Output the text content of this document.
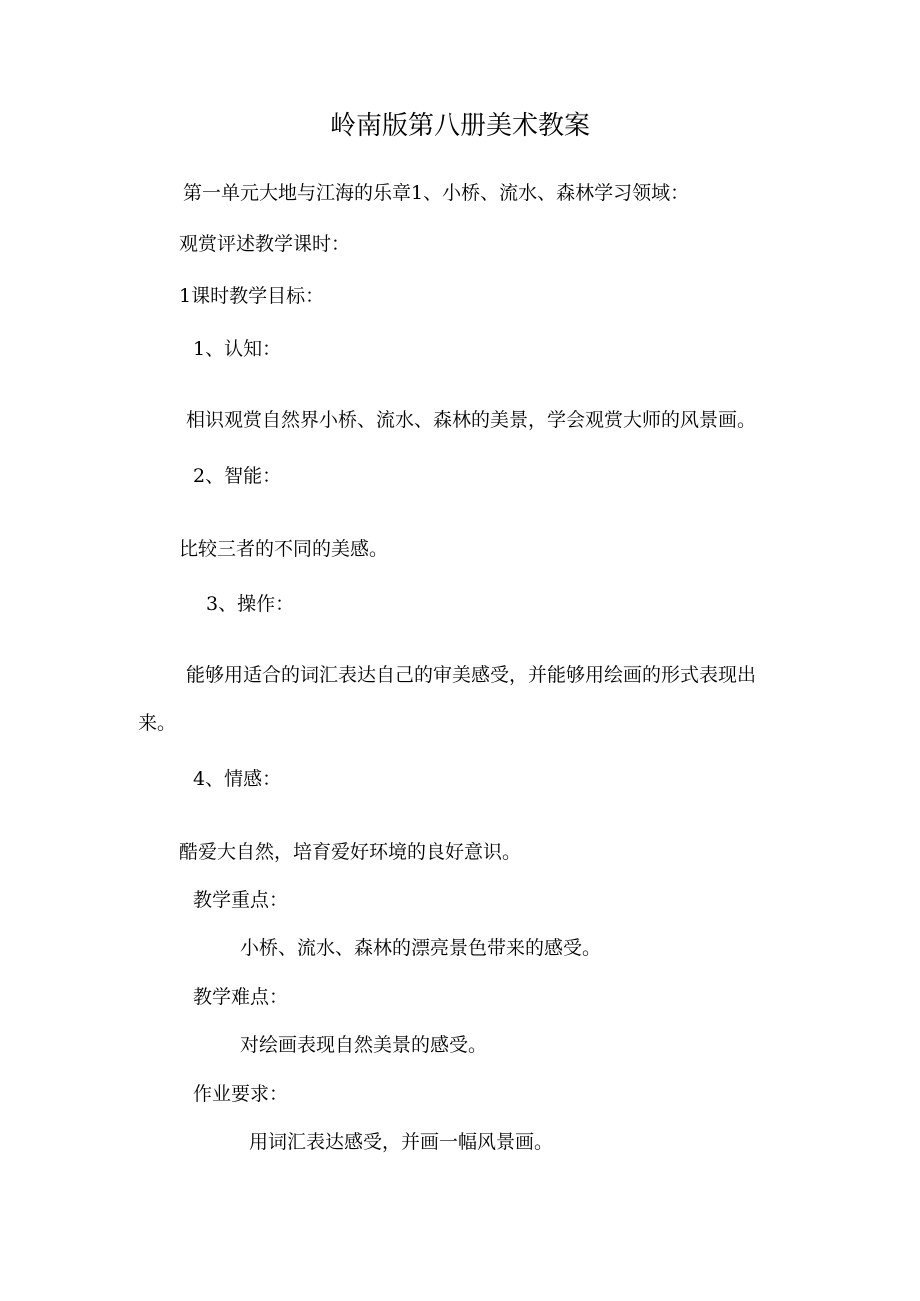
岭南版第八册美术教案
第一单元大地与江海的乐章1、小桥、流水、森林学习领域：
观赏评述教学课时：
1课时教学目标：
1、认知：
相识观赏自然界小桥、流水、森林的美景，学会观赏大师的风景画。
2、智能：
比较三者的不同的美感。
3、操作：
能够用适合的词汇表达自己的审美感受，并能够用绘画的形式表现出
来。
4、情感：
酷爱大自然，培育爱好环境的良好意识。
教学重点：
小桥、流水、森林的漂亮景色带来的感受。
教学难点：
对绘画表现自然美景的感受。
作业要求：
用词汇表达感受，并画一幅风景画。
